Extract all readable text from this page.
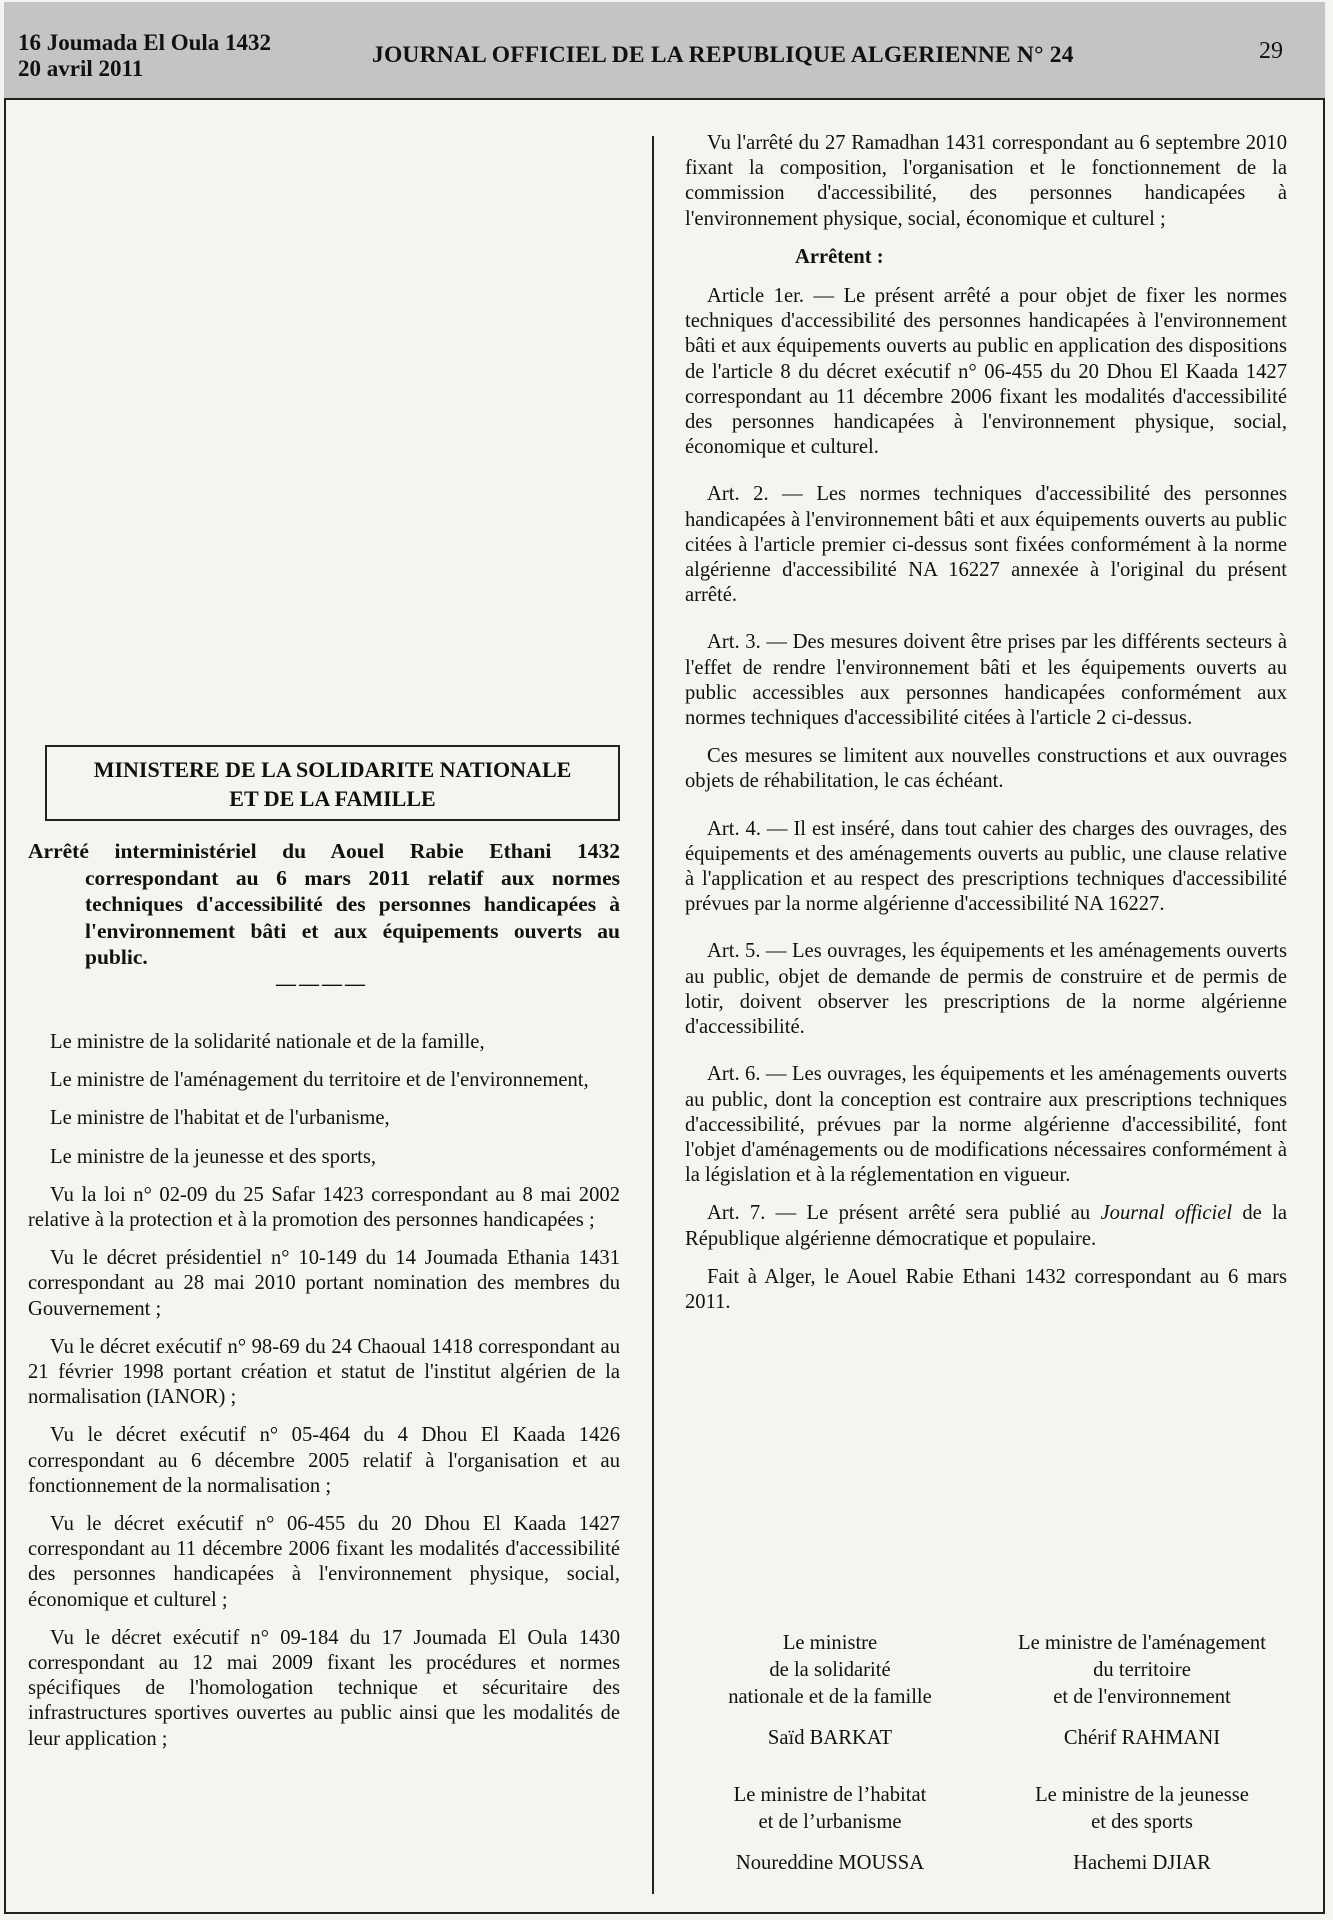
16 Joumada El Oula 1432
20 avril 2011
JOURNAL OFFICIEL DE LA REPUBLIQUE ALGERIENNE N° 24	29
MINISTERE DE LA SOLIDARITE NATIONALE
ET DE LA FAMILLE
Arrêté interministériel du Aouel Rabie Ethani 1432 correspondant au 6 mars 2011 relatif aux normes techniques d'accessibilité des personnes handicapées à l'environnement bâti et aux équipements ouverts au public.
————

Le ministre de la solidarité nationale et de la famille,

Le ministre de l'aménagement du territoire et de l'environnement,

Le ministre de l'habitat et de l'urbanisme,

Le ministre de la jeunesse et des sports,

Vu la loi n° 02-09 du 25 Safar 1423 correspondant au 8 mai 2002 relative à la protection et à la promotion des personnes handicapées ;

Vu le décret présidentiel n° 10-149 du 14 Joumada Ethania 1431 correspondant au 28 mai 2010 portant nomination des membres du Gouvernement ;

Vu le décret exécutif n° 98-69 du 24 Chaoual 1418 correspondant au 21 février 1998 portant création et statut de l'institut algérien de la normalisation (IANOR) ;

Vu le décret exécutif n° 05-464 du 4 Dhou El Kaada 1426 correspondant au 6 décembre 2005 relatif à l'organisation et au fonctionnement de la normalisation ;

Vu le décret exécutif n° 06-455 du 20 Dhou El Kaada 1427 correspondant au 11 décembre 2006 fixant les modalités d'accessibilité des personnes handicapées à l'environnement physique, social, économique et culturel ;

Vu le décret exécutif n° 09-184 du 17 Joumada El Oula 1430 correspondant au 12 mai 2009 fixant les procédures et normes spécifiques de l'homologation technique et sécuritaire des infrastructures sportives ouvertes au public ainsi que les modalités de leur application ;

Vu l'arrêté du 27 Ramadhan 1431 correspondant au 6 septembre 2010 fixant la composition, l'organisation et le fonctionnement de la commission d'accessibilité, des personnes handicapées à l'environnement physique, social, économique et culturel ;

Arrêtent :

Article 1er. — Le présent arrêté a pour objet de fixer les normes techniques d'accessibilité des personnes handicapées à l'environnement bâti et aux équipements ouverts au public en application des dispositions de l'article 8 du décret exécutif n° 06-455 du 20 Dhou El Kaada 1427 correspondant au 11 décembre 2006 fixant les modalités d'accessibilité des personnes handicapées à l'environnement physique, social, économique et culturel.

Art. 2. — Les normes techniques d'accessibilité des personnes handicapées à l'environnement bâti et aux équipements ouverts au public citées à l'article premier ci-dessus sont fixées conformément à la norme algérienne d'accessibilité NA 16227 annexée à l'original du présent arrêté.

Art. 3. — Des mesures doivent être prises par les différents secteurs à l'effet de rendre l'environnement bâti et les équipements ouverts au public accessibles aux personnes handicapées conformément aux normes techniques d'accessibilité citées à l'article 2 ci-dessus.

Ces mesures se limitent aux nouvelles constructions et aux ouvrages objets de réhabilitation, le cas échéant.

Art. 4. — Il est inséré, dans tout cahier des charges des ouvrages, des équipements et des aménagements ouverts au public, une clause relative à l'application et au respect des prescriptions techniques d'accessibilité prévues par la norme algérienne d'accessibilité NA 16227.

Art. 5. — Les ouvrages, les équipements et les aménagements ouverts au public, objet de demande de permis de construire et de permis de lotir, doivent observer les prescriptions de la norme algérienne d'accessibilité.

Art. 6. — Les ouvrages, les équipements et les aménagements ouverts au public, dont la conception est contraire aux prescriptions techniques d'accessibilité, prévues par la norme algérienne d'accessibilité, font l'objet d'aménagements ou de modifications nécessaires conformément à la législation et à la réglementation en vigueur.

Art. 7. — Le présent arrêté sera publié au Journal officiel de la République algérienne démocratique et populaire.

Fait à Alger, le Aouel Rabie Ethani 1432 correspondant au 6 mars 2011.

Le ministre
de la solidarité
nationale et de la famille
Saïd BARKAT
Le ministre de l'aménagement
du territoire
et de l'environnement
Chérif RAHMANI
Le ministre de l’habitat
et de l’urbanisme
Noureddine MOUSSA
Le ministre de la jeunesse
et des sports
Hachemi DJIAR
